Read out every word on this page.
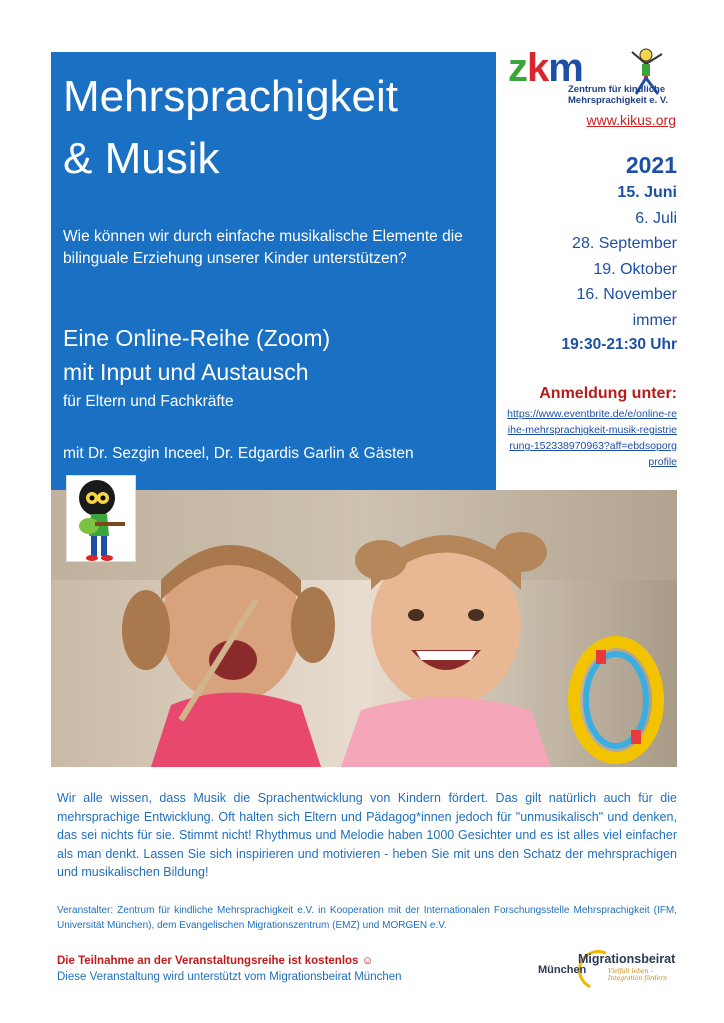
Mehrsprachigkeit
& Musik

Wie können wir durch einfache musikalische Elemente die bilinguale Erziehung unserer Kinder unterstützen?

Eine Online-Reihe (Zoom)
mit Input und Austausch

für Eltern und Fachkräfte

mit Dr. Sezgin Inceel, Dr. Edgardis Garlin & Gästen

zkm
Zentrum für kindliche
Mehrsprachigkeit e. V.
www.kikus.org
2021
15. Juni
6. Juli
28. September
19. Oktober
16. November
immer
19:30-21:30 Uhr
Anmeldung unter:
https://www.eventbrite.de/e/online-reihe-mehrsprachigkeit-musik-registrierung-152338970963?aff=ebdsoporgprofile

Wir alle wissen, dass Musik die Sprachentwicklung von Kindern fördert. Das gilt natürlich auch für die mehrsprachige Entwicklung. Oft halten sich Eltern und Pädagog*innen jedoch für "unmusikalisch" und denken, das sei nichts für sie. Stimmt nicht! Rhythmus und Melodie haben 1000 Gesichter und es ist alles viel einfacher als man denkt. Lassen Sie sich inspirieren und motivieren - heben Sie mit uns den Schatz der mehrsprachigen und musikalischen Bildung!

Veranstalter: Zentrum für kindliche Mehrsprachigkeit e.V. in Kooperation mit der Internationalen Forschungsstelle Mehrsprachigkeit (IFM, Universität München), dem Evangelischen Migrationszentrum (EMZ) und MORGEN e.V.

Die Teilnahme an der Veranstaltungsreihe ist kostenlos ☺

Diese Veranstaltung wird unterstützt vom Migrationsbeirat München

Migrationsbeirat
München	Vielfalt leben –
Integration fördern
